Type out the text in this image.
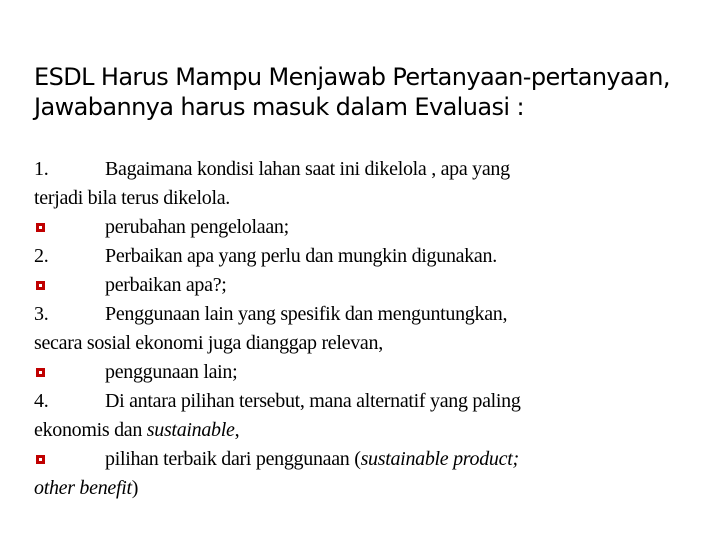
ESDL Harus Mampu Menjawab Pertanyaan-pertanyaan, Jawabannya harus masuk dalam Evaluasi :
1.	Bagaimana kondisi lahan saat ini dikelola , apa yang
terjadi bila terus dikelola.
perubahan pengelolaan;
2.	Perbaikan apa yang perlu dan mungkin digunakan.
perbaikan apa?;
3.	Penggunaan lain yang spesifik dan menguntungkan,
secara sosial ekonomi juga dianggap relevan,
penggunaan lain;
4.	Di antara pilihan tersebut, mana alternatif yang paling
ekonomis dan sustainable,
pilihan terbaik dari penggunaan (sustainable product;
other benefit)
